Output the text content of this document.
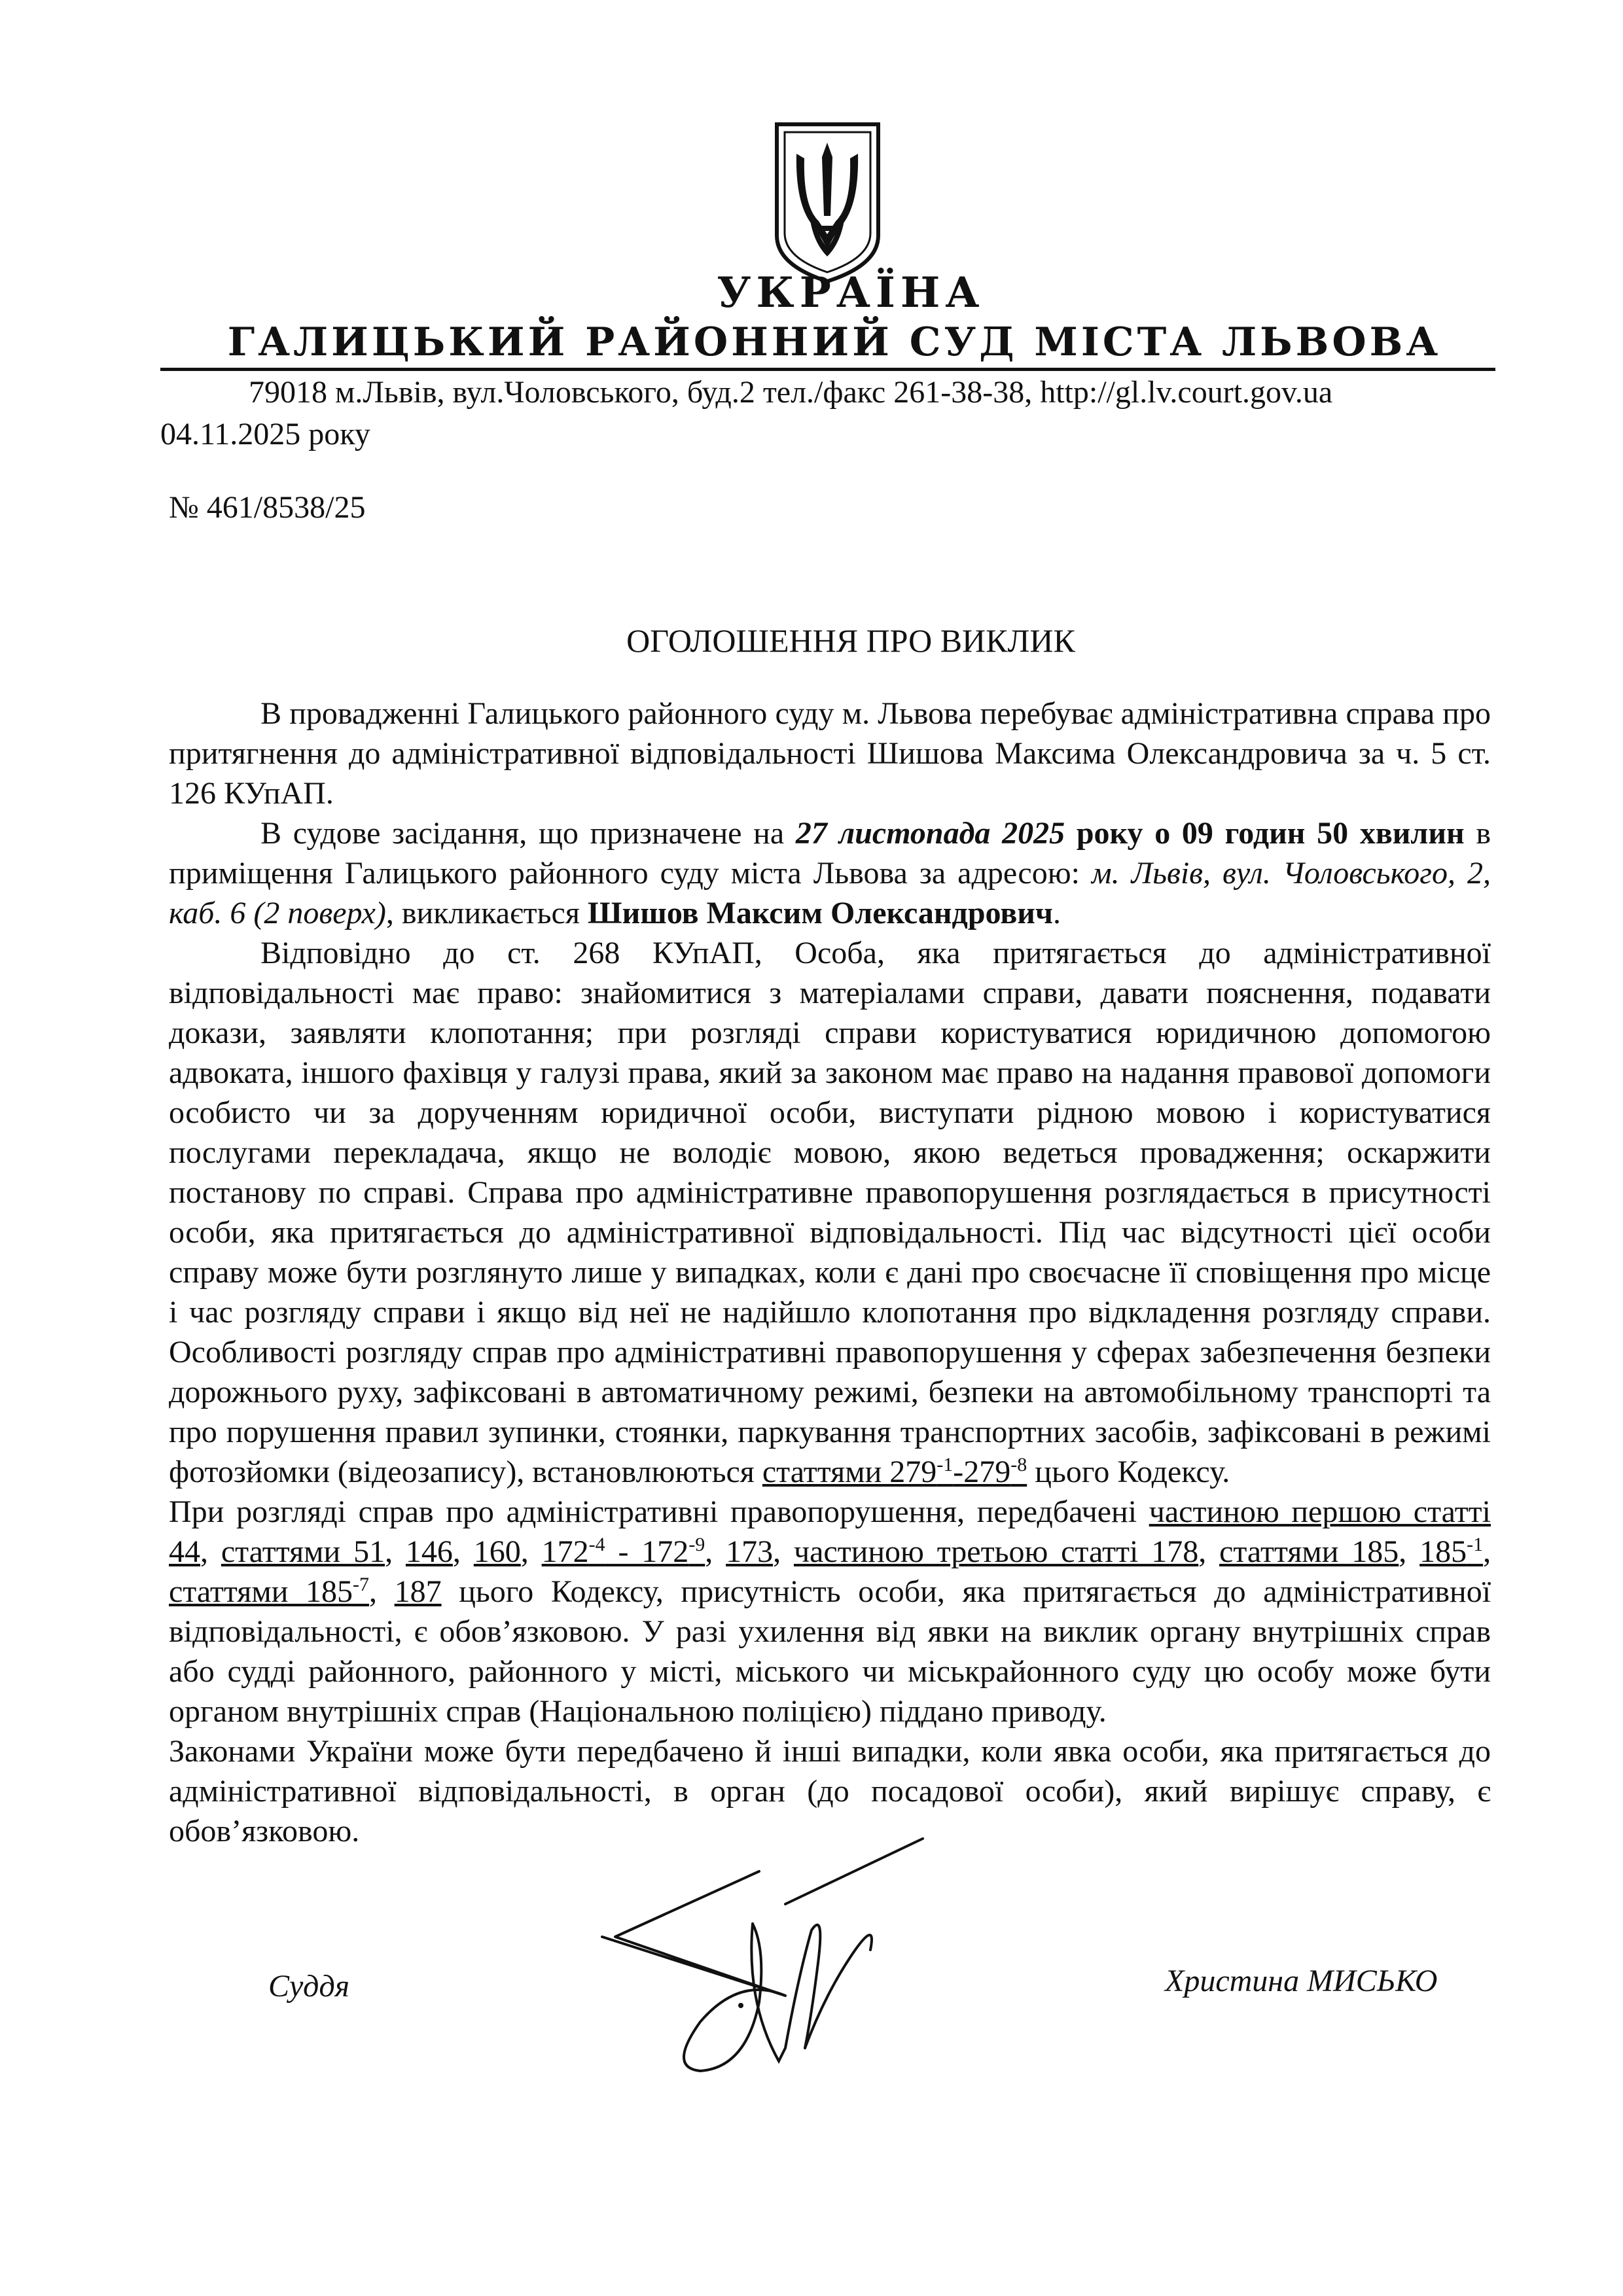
УКРАЇНА
ГАЛИЦЬКИЙ РАЙОННИЙ СУД МІСТА ЛЬВОВА
79018 м.Львів, вул.Чоловського, буд.2 тел./факс 261-38-38, http://gl.lv.court.gov.ua
04.11.2025 року
№ 461/8538/25
ОГОЛОШЕННЯ ПРО ВИКЛИК

В провадженні Галицького районного суду м. Львова перебуває адміністративна справа про притягнення до адміністративної відповідальності Шишова Максима Олександровича за ч. 5 ст. 126 КУпАП.

В судове засідання, що призначене на 27 листопада 2025 року о 09 годин 50 хвилин в приміщення Галицького районного суду міста Львова за адресою: м. Львів, вул. Чоловського, 2, каб. 6 (2 поверх), викликається Шишов Максим Олександрович.

Відповідно до ст. 268 КУпАП, Особа, яка притягається до адміністративної відповідальності має право: знайомитися з матеріалами справи, давати пояснення, подавати докази, заявляти клопотання; при розгляді справи користуватися юридичною допомогою адвоката, іншого фахівця у галузі права, який за законом має право на надання правової допомоги особисто чи за дорученням юридичної особи, виступати рідною мовою і користуватися послугами перекладача, якщо не володіє мовою, якою ведеться провадження; оскаржити постанову по справі. Справа про адміністративне правопорушення розглядається в присутності особи, яка притягається до адміністративної відповідальності. Під час відсутності цієї особи справу може бути розглянуто лише у випадках, коли є дані про своєчасне її сповіщення про місце і час розгляду справи і якщо від неї не надійшло клопотання про відкладення розгляду справи. Особливості розгляду справ про адміністративні правопорушення у сферах забезпечення безпеки дорожнього руху, зафіксовані в автоматичному режимі, безпеки на автомобільному транспорті та про порушення правил зупинки, стоянки, паркування транспортних засобів, зафіксовані в режимі фотозйомки (відеозапису), встановлюються статтями $279^{-1}-279^{-8}$ цього Кодексу.

При розгляді справ про адміністративні правопорушення, передбачені частиною першою статті 44, статтями 51, 146, 160, $172^{-4} - 172^{-9}$, 173, частиною третьою статті 178, статтями 185, $185^{-1}$, статтями $185^{-7}$, 187 цього Кодексу, присутність особи, яка притягається до адміністративної відповідальності, є обов’язковою. У разі ухилення від явки на виклик органу внутрішніх справ або судді районного, районного у місті, міського чи міськрайонного суду цю особу може бути органом внутрішніх справ (Національною поліцією) піддано приводу.

Законами України може бути передбачено й інші випадки, коли явка особи, яка притягається до адміністративної відповідальності, в орган (до посадової особи), який вирішує справу, є обов’язковою.

Суддя	Христина МИСЬКО
